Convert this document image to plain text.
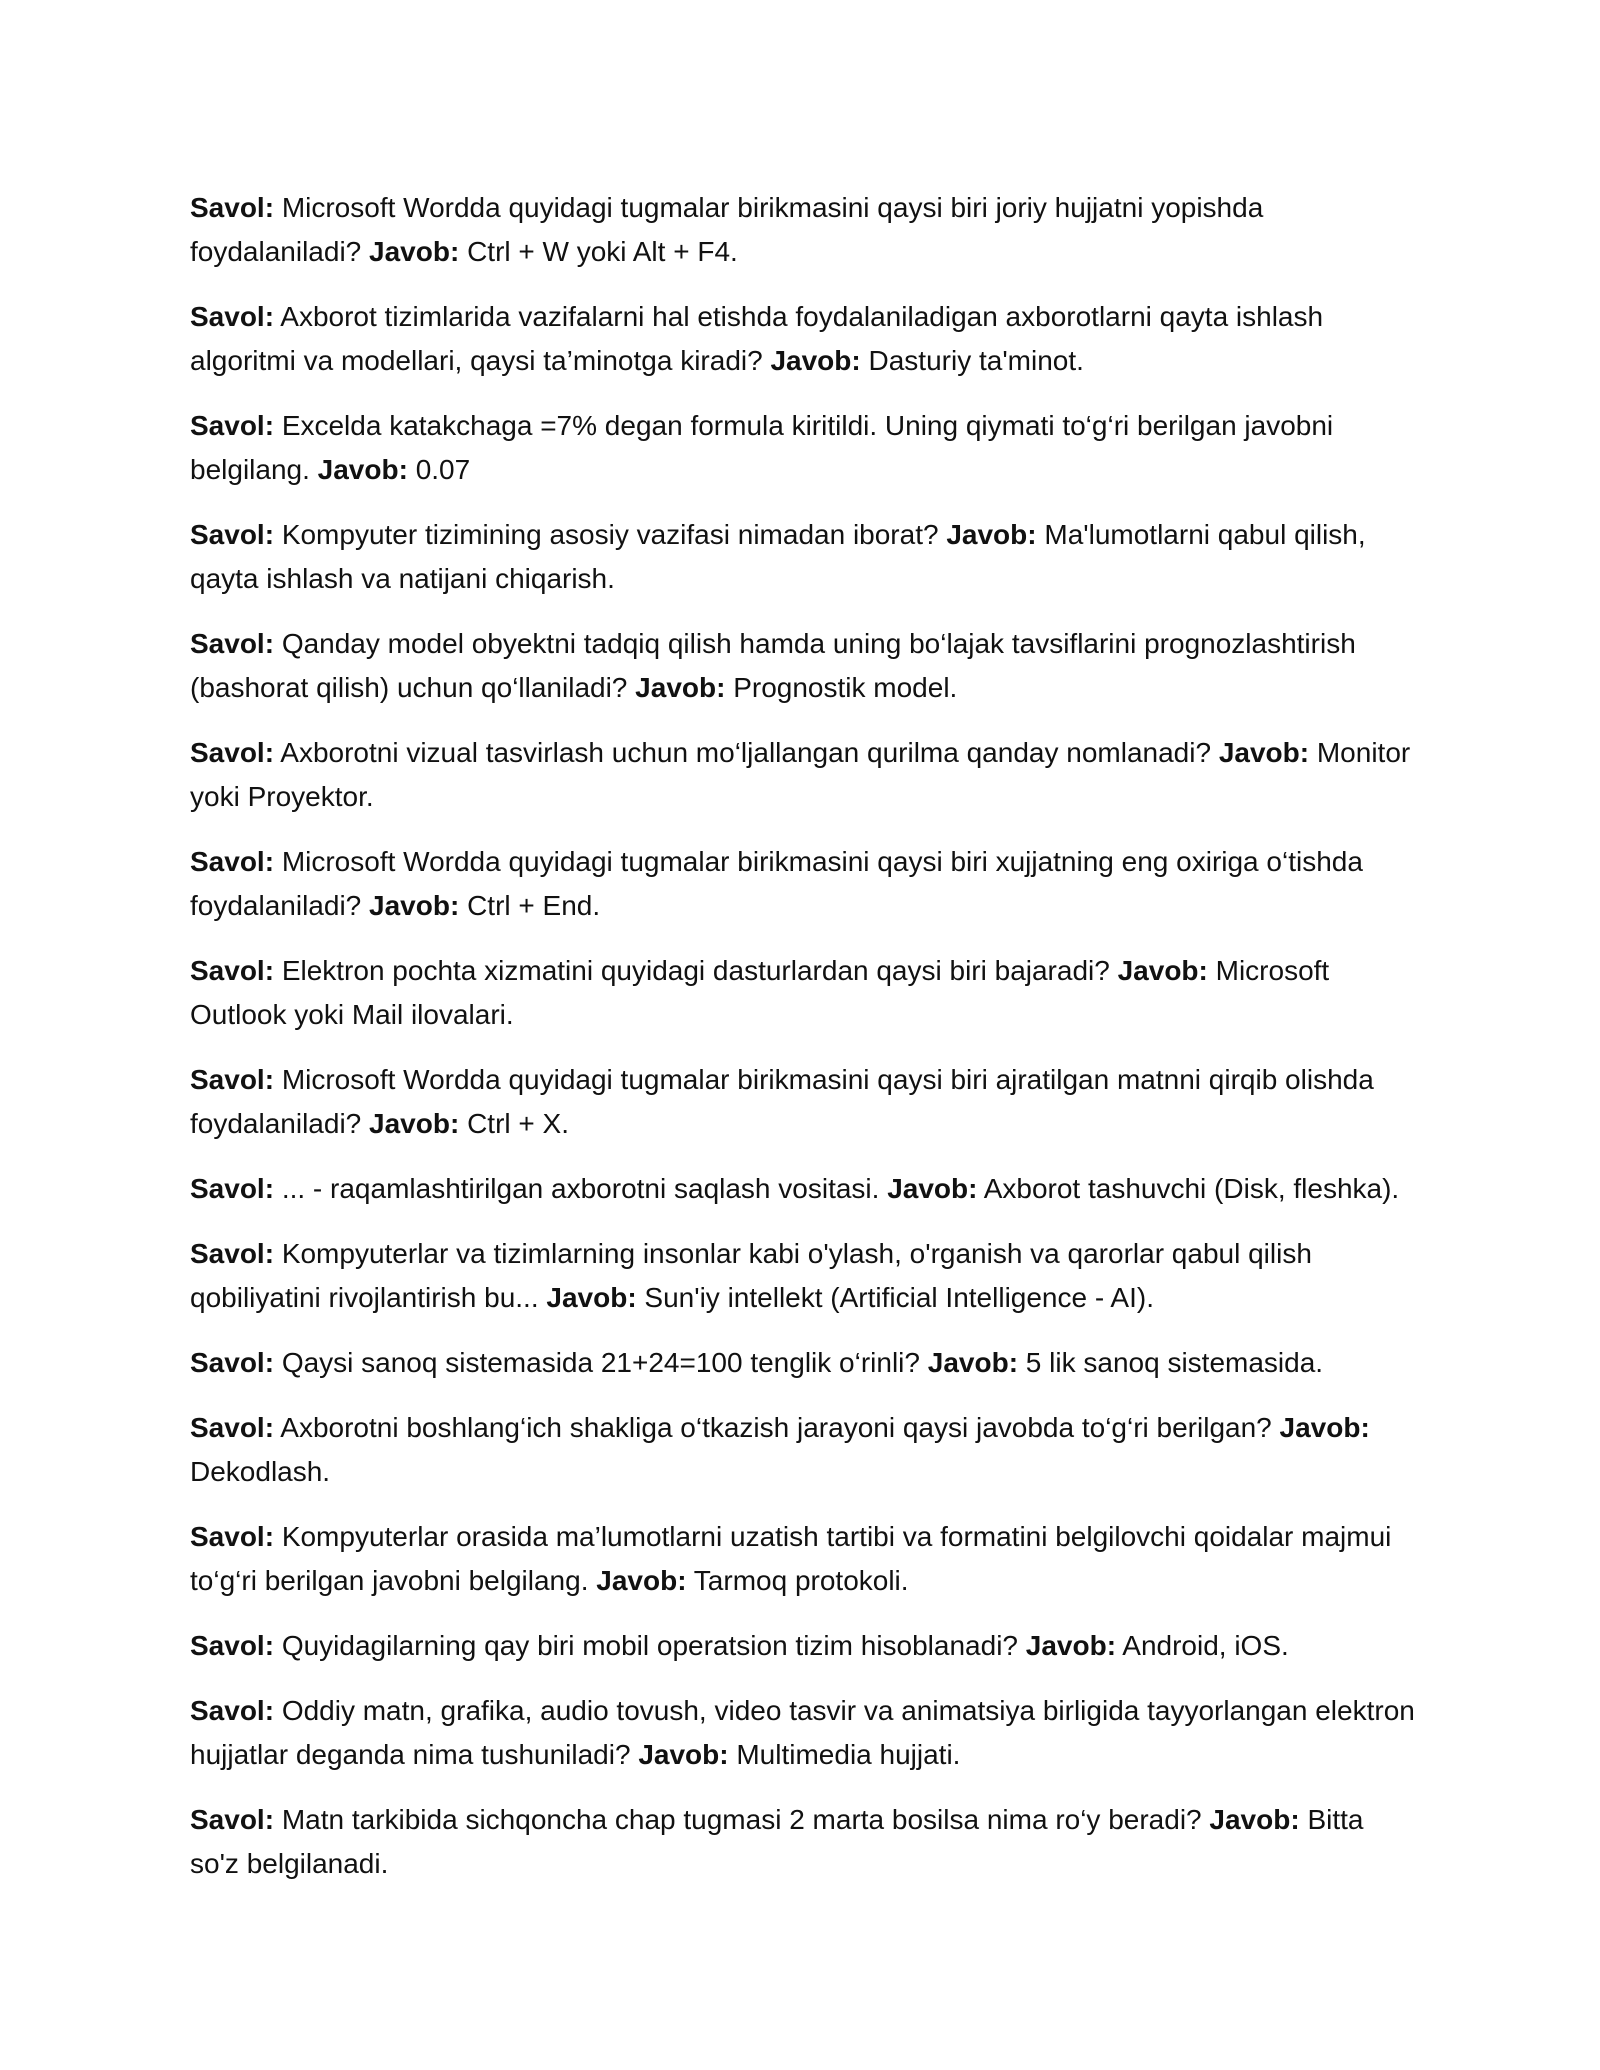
Savol: Microsoft Wordda quyidagi tugmalar birikmasini qaysi biri joriy hujjatni yopishda foydalaniladi? Javob: Ctrl + W yoki Alt + F4.

Savol: Axborot tizimlarida vazifalarni hal etishda foydalaniladigan axborotlarni qayta ishlash algoritmi va modellari, qaysi ta’minotga kiradi? Javob: Dasturiy ta'minot.

Savol: Excelda katakchaga =7% degan formula kiritildi. Uning qiymati to‘g‘ri berilgan javobni belgilang. Javob: 0.07

Savol: Kompyuter tizimining asosiy vazifasi nimadan iborat? Javob: Ma'lumotlarni qabul qilish, qayta ishlash va natijani chiqarish.

Savol: Qanday model obyektni tadqiq qilish hamda uning bo‘lajak tavsiflarini prognozlashtirish (bashorat qilish) uchun qo‘llaniladi? Javob: Prognostik model.

Savol: Axborotni vizual tasvirlash uchun mo‘ljallangan qurilma qanday nomlanadi? Javob: Monitor yoki Proyektor.

Savol: Microsoft Wordda quyidagi tugmalar birikmasini qaysi biri xujjatning eng oxiriga o‘tishda foydalaniladi? Javob: Ctrl + End.

Savol: Elektron pochta xizmatini quyidagi dasturlardan qaysi biri bajaradi? Javob: Microsoft Outlook yoki Mail ilovalari.

Savol: Microsoft Wordda quyidagi tugmalar birikmasini qaysi biri ajratilgan matnni qirqib olishda foydalaniladi? Javob: Ctrl + X.

Savol: ... - raqamlashtirilgan axborotni saqlash vositasi. Javob: Axborot tashuvchi (Disk, fleshka).

Savol: Kompyuterlar va tizimlarning insonlar kabi o'ylash, o'rganish va qarorlar qabul qilish qobiliyatini rivojlantirish bu... Javob: Sun'iy intellekt (Artificial Intelligence - AI).

Savol: Qaysi sanoq sistemasida 21+24=100 tenglik o‘rinli? Javob: 5 lik sanoq sistemasida.

Savol: Axborotni boshlang‘ich shakliga o‘tkazish jarayoni qaysi javobda to‘g‘ri berilgan? Javob: Dekodlash.

Savol: Kompyuterlar orasida ma’lumotlarni uzatish tartibi va formatini belgilovchi qoidalar majmui to‘g‘ri berilgan javobni belgilang. Javob: Tarmoq protokoli.

Savol: Quyidagilarning qay biri mobil operatsion tizim hisoblanadi? Javob: Android, iOS.

Savol: Oddiy matn, grafika, audio tovush, video tasvir va animatsiya birligida tayyorlangan elektron hujjatlar deganda nima tushuniladi? Javob: Multimedia hujjati.

Savol: Matn tarkibida sichqoncha chap tugmasi 2 marta bosilsa nima ro‘y beradi? Javob: Bitta so'z belgilanadi.
